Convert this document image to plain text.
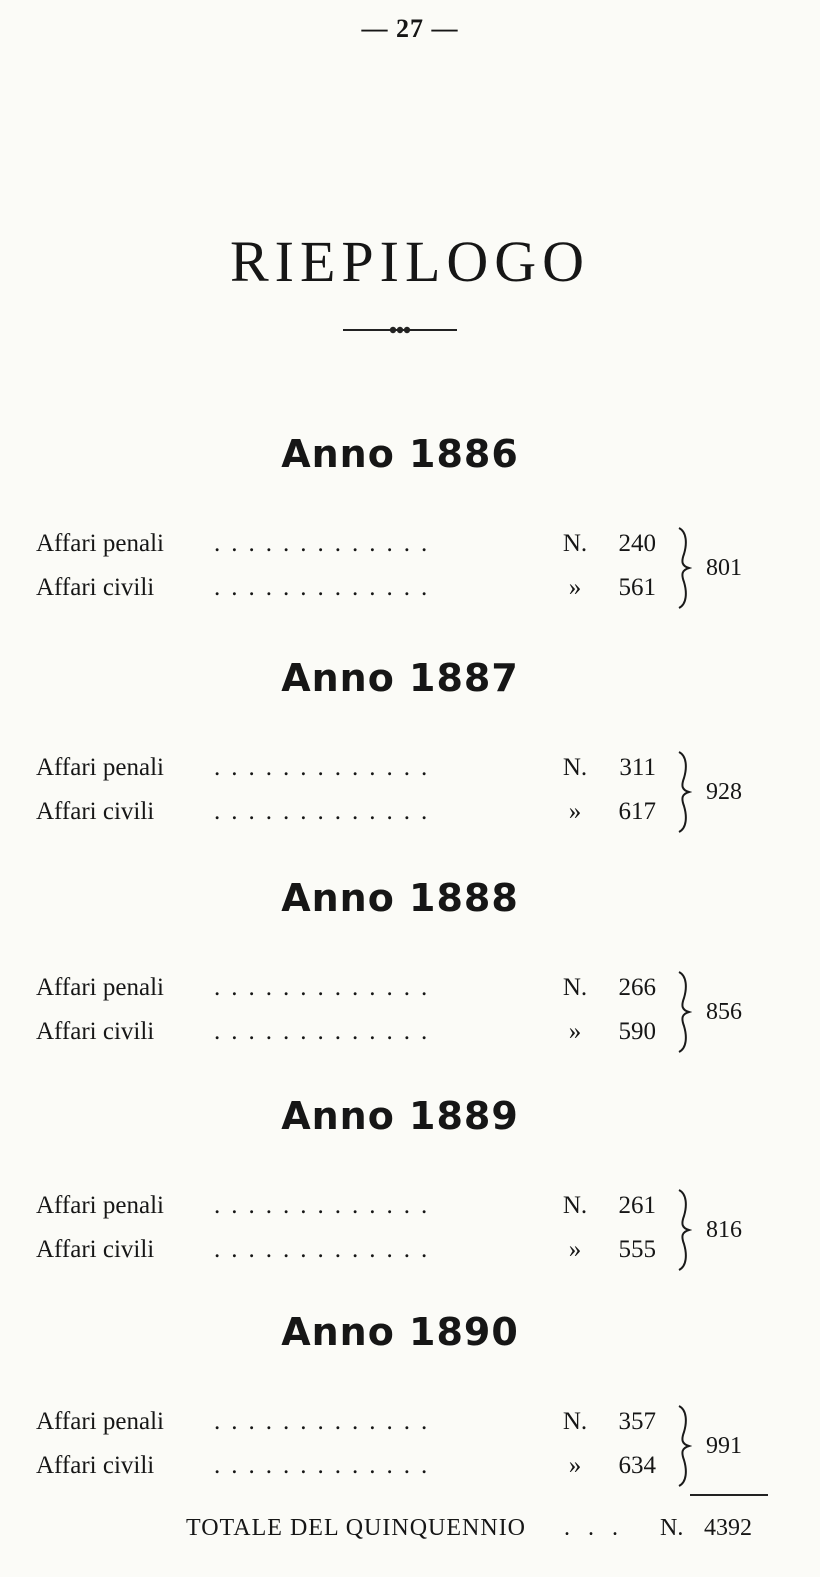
— 27 —
RIEPILOGO
Anno 1886
Affari penali .............	N. 240
Affari civili .............	»	561
801
Anno 1887
Affari penali .............	N. 311
Affari civili .............	»	617
928
Anno 1888
Affari penali .............	N. 266
Affari civili .............	»	590
856
Anno 1889
Affari penali .............	N. 261
Affari civili .............	»	555
816
Anno 1890
Affari penali .............	N. 357
Affari civili .............	»	634
991
TOTALE DEL QUINQUENNIO ... N. 4392
